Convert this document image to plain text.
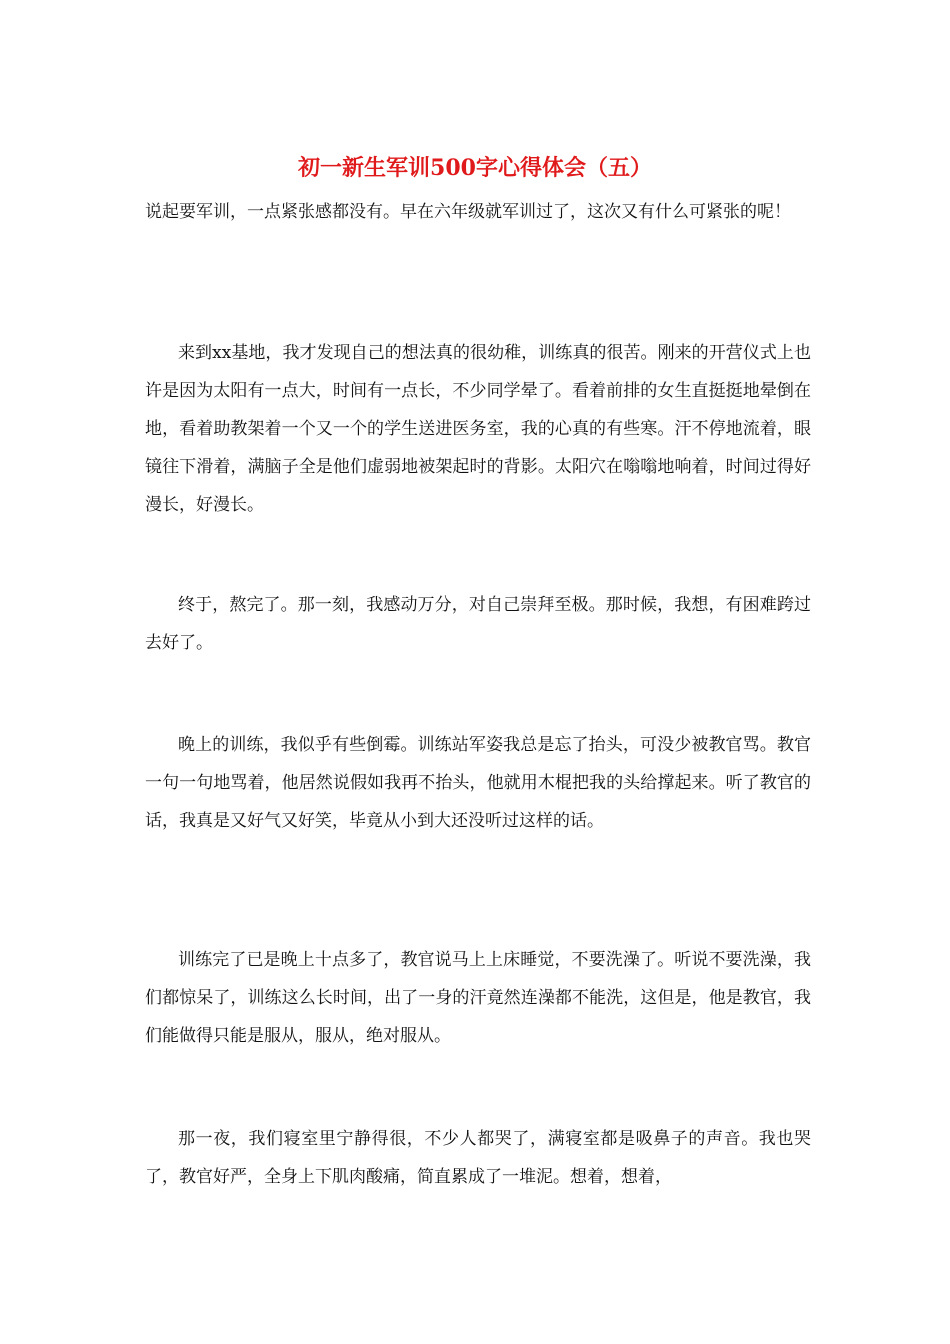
初一新生军训500字心得体会（五）

说起要军训，一点紧张感都没有。早在六年级就军训过了，这次又有什么可紧张的呢！

来到xx基地，我才发现自己的想法真的很幼稚，训练真的很苦。刚来的开营仪式上也许是因为太阳有一点大，时间有一点长，不少同学晕了。看着前排的女生直挺挺地晕倒在地，看着助教架着一个又一个的学生送进医务室，我的心真的有些寒。汗不停地流着，眼镜往下滑着，满脑子全是他们虚弱地被架起时的背影。太阳穴在嗡嗡地响着，时间过得好漫长，好漫长。

终于，熬完了。那一刻，我感动万分，对自己崇拜至极。那时候，我想，有困难跨过去好了。

晚上的训练，我似乎有些倒霉。训练站军姿我总是忘了抬头，可没少被教官骂。教官一句一句地骂着，他居然说假如我再不抬头，他就用木棍把我的头给撑起来。听了教官的话，我真是又好气又好笑，毕竟从小到大还没听过这样的话。

训练完了已是晚上十点多了，教官说马上上床睡觉，不要洗澡了。听说不要洗澡，我们都惊呆了，训练这么长时间，出了一身的汗竟然连澡都不能洗，这但是，他是教官，我们能做得只能是服从，服从，绝对服从。

那一夜，我们寝室里宁静得很，不少人都哭了，满寝室都是吸鼻子的声音。我也哭了，教官好严，全身上下肌肉酸痛，简直累成了一堆泥。想着，想着，
